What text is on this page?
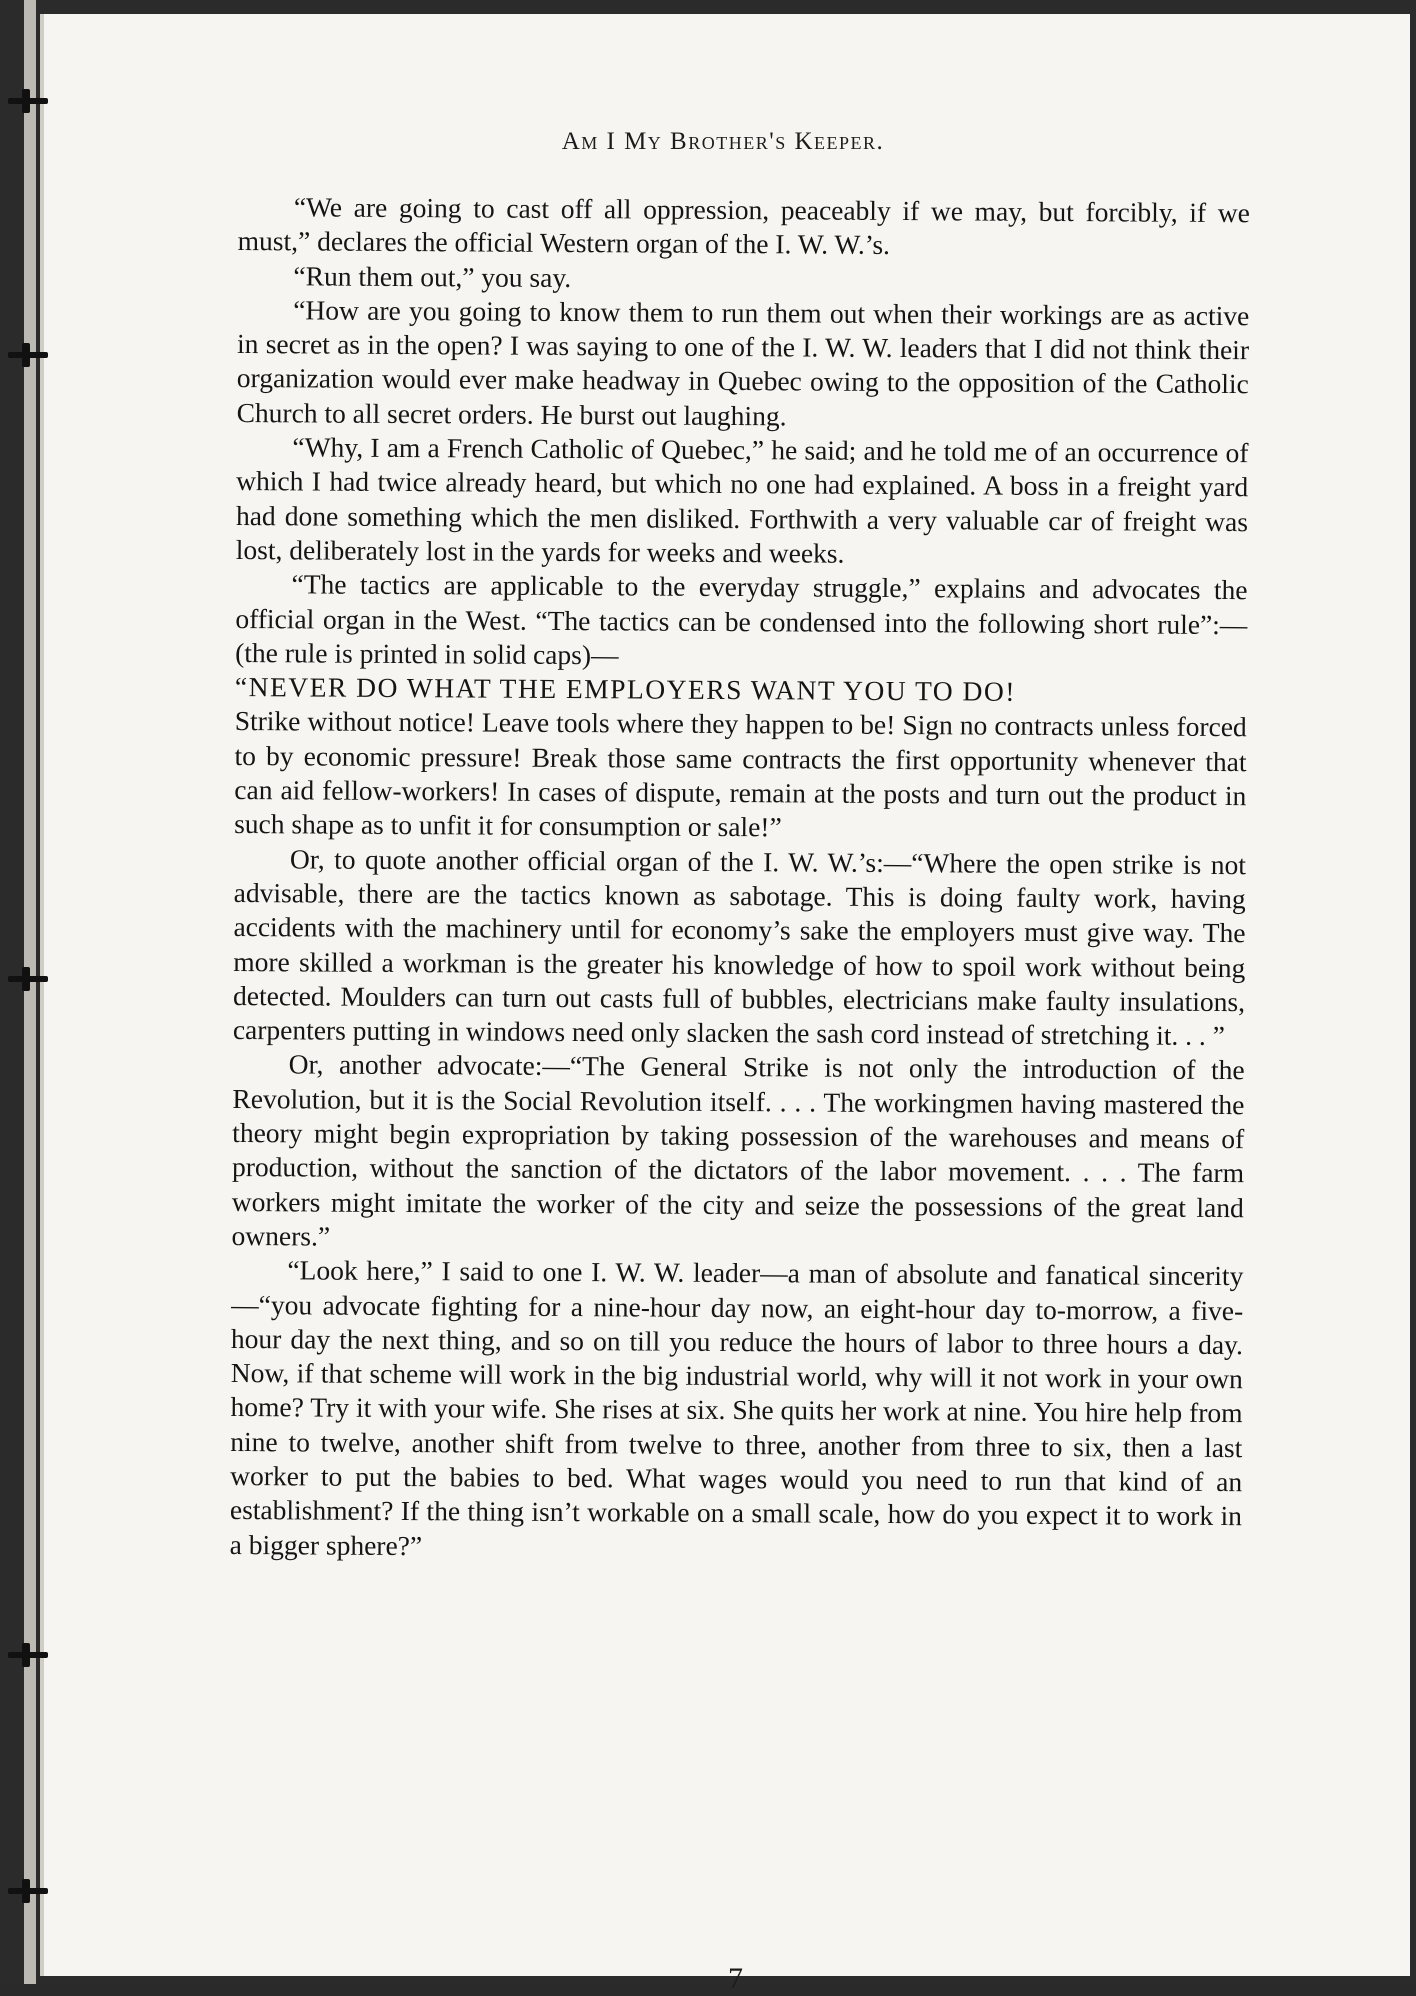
Am I My Brother's Keeper.

“We are going to cast off all oppression, peaceably if we may, but forcibly, if we must,” declares the official Western organ of the I. W. W.’s.

“Run them out,” you say.

“How are you going to know them to run them out when their workings are as active in secret as in the open? I was saying to one of the I. W. W. leaders that I did not think their organization would ever make headway in Quebec owing to the opposition of the Catholic Church to all secret orders. He burst out laughing.

“Why, I am a French Catholic of Quebec,” he said; and he told me of an occurrence of which I had twice already heard, but which no one had explained. A boss in a freight yard had done something which the men disliked. Forthwith a very valuable car of freight was lost, deliberately lost in the yards for weeks and weeks.

“The tactics are applicable to the everyday struggle,” explains and advocates the official organ in the West. “The tactics can be condensed into the following short rule”:—(the rule is printed in solid caps)—

“NEVER DO WHAT THE EMPLOYERS WANT YOU TO DO!

Strike without notice! Leave tools where they happen to be! Sign no contracts unless forced to by economic pressure! Break those same contracts the first opportunity whenever that can aid fellow-workers! In cases of dispute, remain at the posts and turn out the product in such shape as to unfit it for consumption or sale!”

Or, to quote another official organ of the I. W. W.’s:—“Where the open strike is not advisable, there are the tactics known as sabotage. This is doing faulty work, having accidents with the machinery until for economy’s sake the employers must give way. The more skilled a workman is the greater his knowledge of how to spoil work without being detected. Moulders can turn out casts full of bubbles, electricians make faulty insulations, carpenters putting in windows need only slacken the sash cord instead of stretching it. . . ”

Or, another advocate:—“The General Strike is not only the introduction of the Revolution, but it is the Social Revolution itself. . . . The workingmen having mastered the theory might begin expropriation by taking possession of the warehouses and means of production, without the sanction of the dictators of the labor movement. . . . The farm workers might imitate the worker of the city and seize the possessions of the great land owners.”

“Look here,” I said to one I. W. W. leader—a man of absolute and fanatical sincerity—“you advocate fighting for a nine-hour day now, an eight-hour day to-morrow, a five-hour day the next thing, and so on till you reduce the hours of labor to three hours a day. Now, if that scheme will work in the big industrial world, why will it not work in your own home? Try it with your wife. She rises at six. She quits her work at nine. You hire help from nine to twelve, another shift from twelve to three, another from three to six, then a last worker to put the babies to bed. What wages would you need to run that kind of an establishment? If the thing isn’t workable on a small scale, how do you expect it to work in a bigger sphere?”

7
